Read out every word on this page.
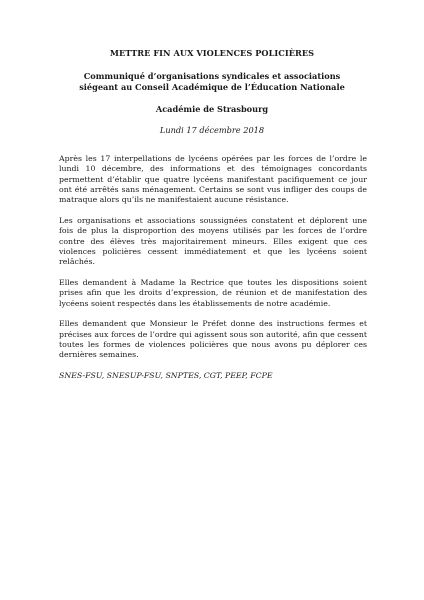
METTRE FIN AUX VIOLENCES POLICIÈRES
Communiqué d’organisations syndicales et associations
siégeant au Conseil Académique de l’Éducation Nationale
Académie de Strasbourg
Lundi 17 décembre 2018

Après les 17 interpellations de lycéens opérées par les forces de l’ordre le lundi 10 décembre, des informations et des témoignages concordants permettent d’établir que quatre lycéens manifestant pacifiquement ce jour ont été arrêtés sans ménagement. Certains se sont vus infliger des coups de matraque alors qu’ils ne manifestaient aucune résistance.

Les organisations et associations soussignées constatent et déplorent une fois de plus la disproportion des moyens utilisés par les forces de l’ordre contre des élèves très majoritairement mineurs. Elles exigent que ces violences policières cessent immédiatement et que les lycéens soient relâchés.

Elles demandent à Madame la Rectrice que toutes les dispositions soient prises afin que les droits d’expression, de réunion et de manifestation des lycéens soient respectés dans les établissements de notre académie.

Elles demandent que Monsieur le Préfet donne des instructions fermes et précises aux forces de l’ordre qui agissent sous son autorité, afin que cessent toutes les formes de violences policières que nous avons pu déplorer ces dernières semaines.

SNES-FSU, SNESUP-FSU, SNPTES, CGT, PEEP, FCPE
